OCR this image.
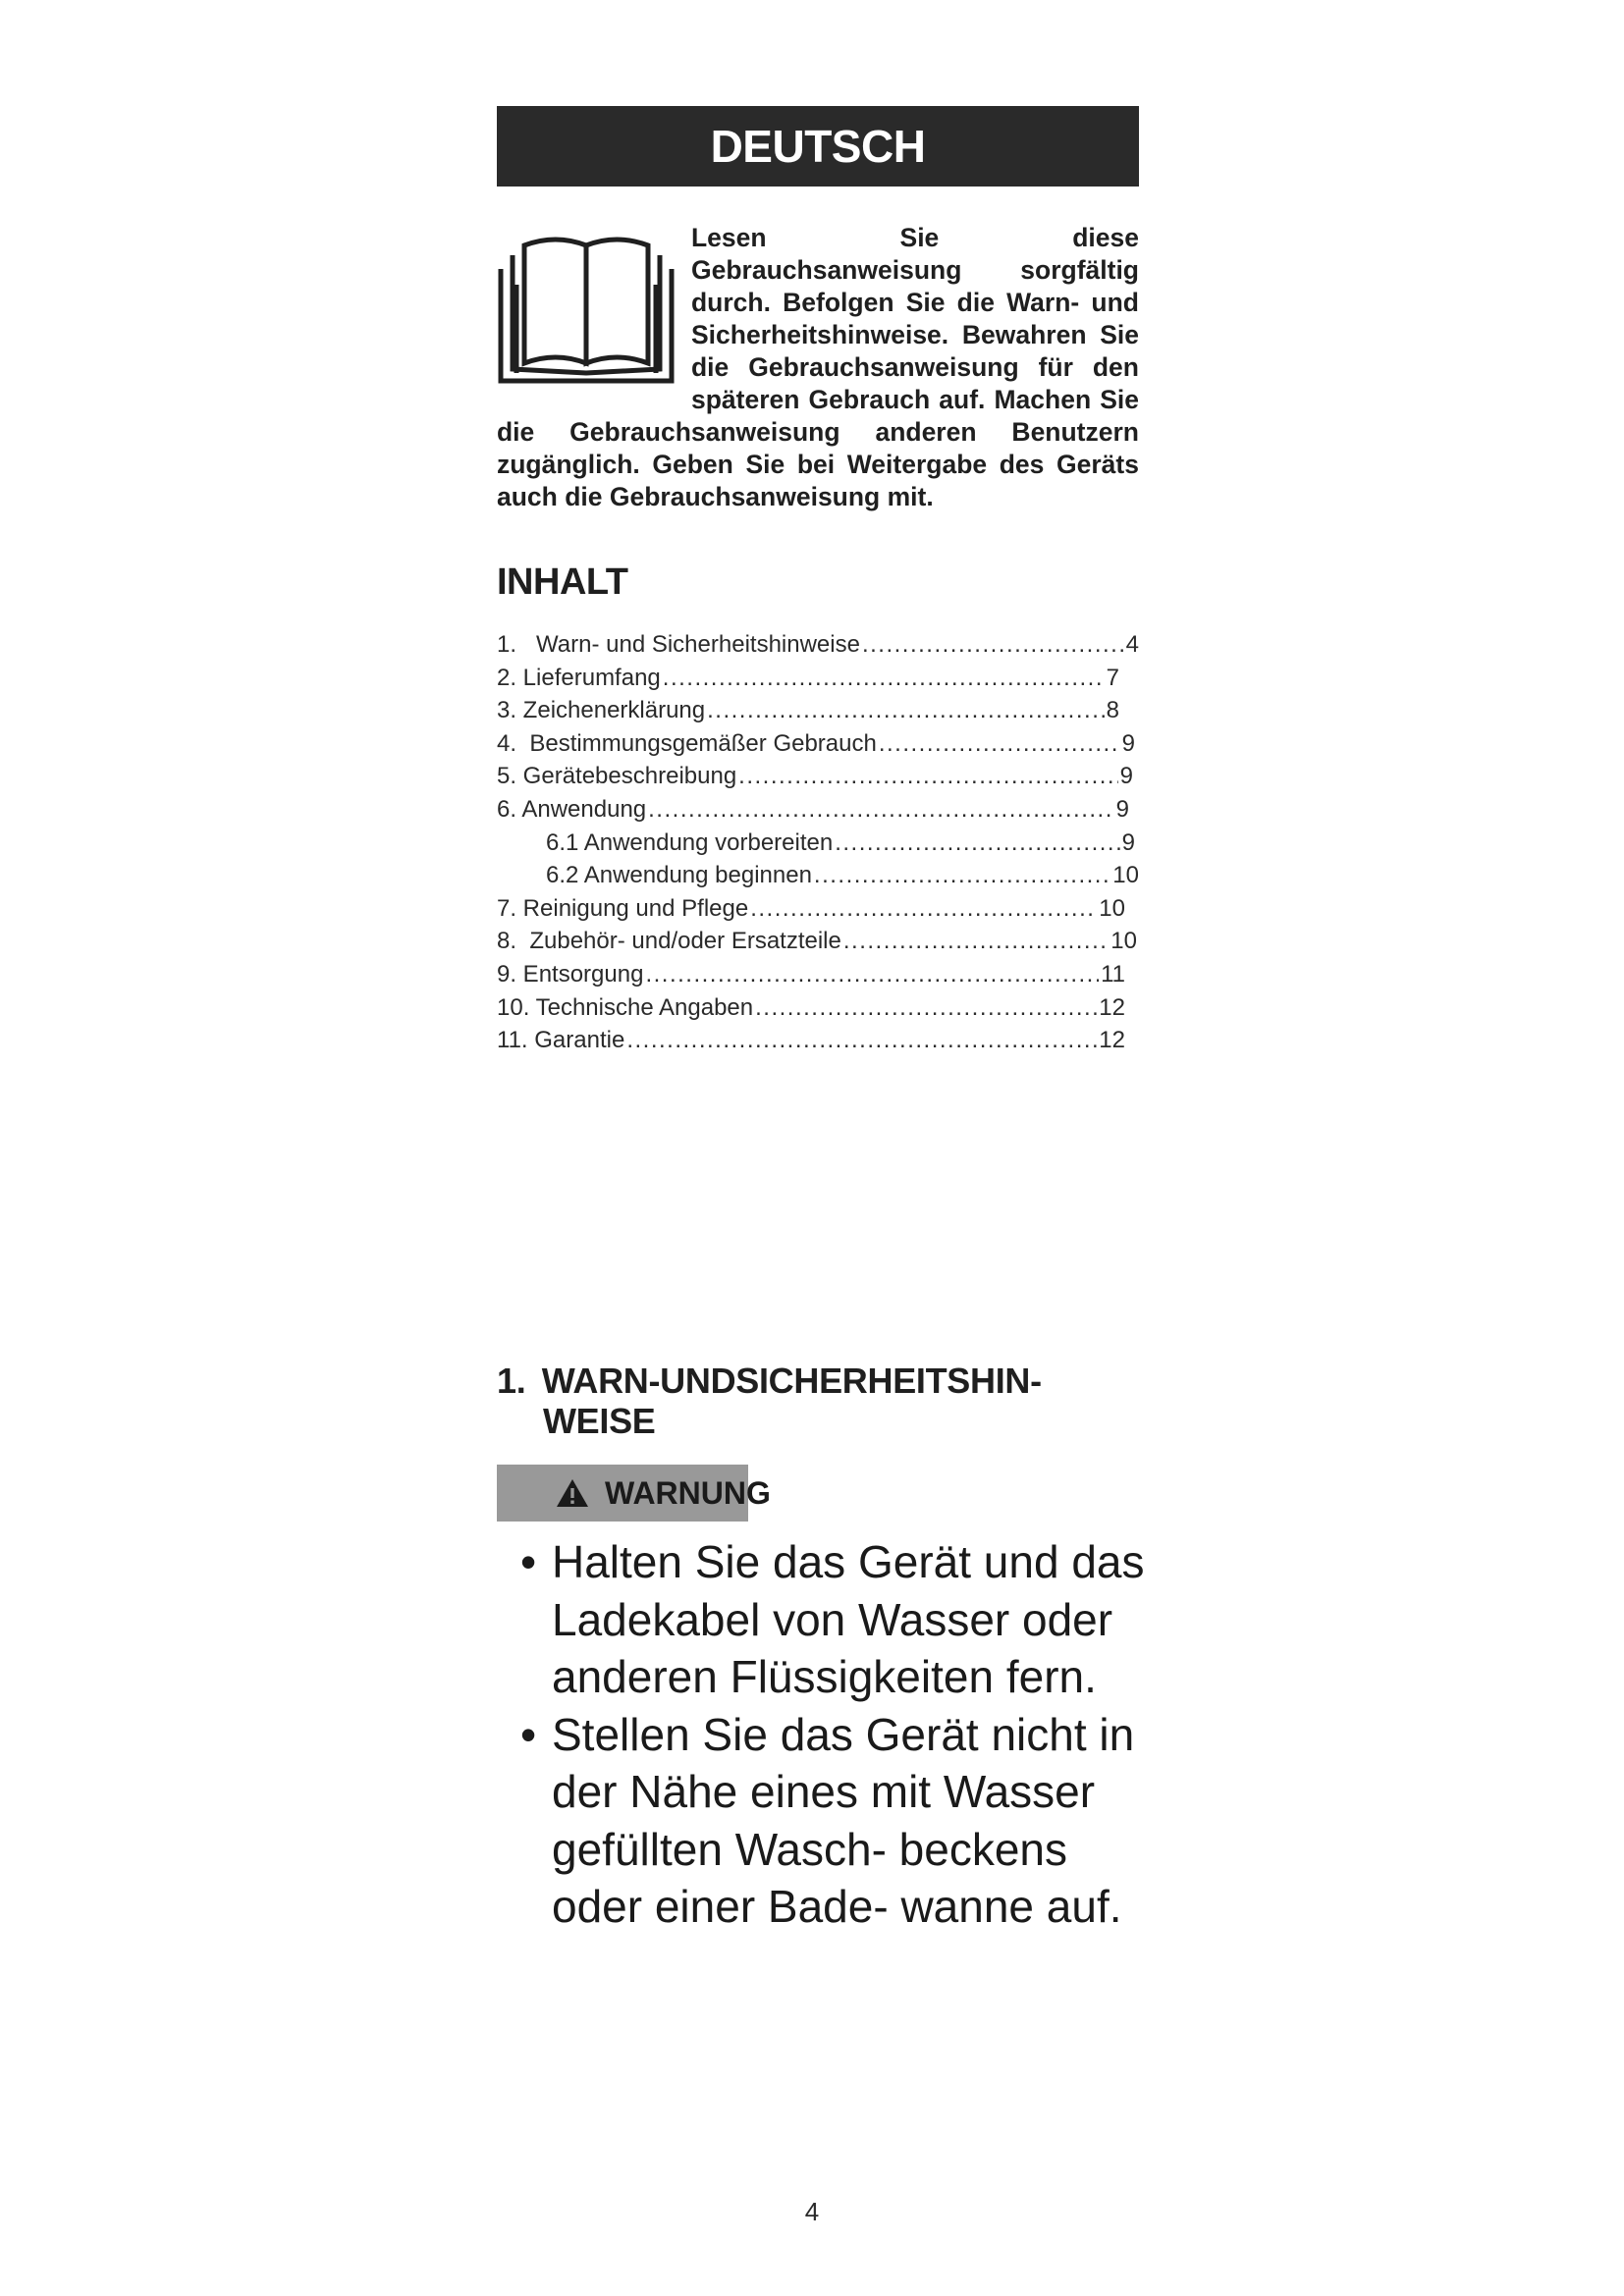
DEUTSCH
Lesen Sie diese Gebrauchsanweisung sorgfältig durch. Befolgen Sie die Warn- und Sicherheitshinweise. Bewahren Sie die Gebrauchsanweisung für den späteren Gebrauch auf. Machen Sie die Gebrauchsanweisung anderen Benutzern zugänglich. Geben Sie bei Weitergabe des Geräts auch die Gebrauchsanweisung mit.
INHALT
1.   Warn- und Sicherheitshinweise .....	4
2. Lieferumfang .....	7
3. Zeichenerklärung .....	8
4.  Bestimmungsgemäßer Gebrauch .....	9
5. Gerätebeschreibung .....	9
6. Anwendung .....	9
6.1 Anwendung vorbereiten .....	9
6.2 Anwendung beginnen .....	10
7. Reinigung und Pflege .....	10
8.  Zubehör- und/oder Ersatzteile .....	10
9. Entsorgung .....	11
10. Technische Angaben .....	12
11. Garantie .....	12
1. WARN-UNDSICHERHEITSHIN-
WEISE
WARNUNG
• Halten Sie das Gerät und das Ladekabel von Wasser oder anderen Flüssigkeiten fern.
• Stellen Sie das Gerät nicht in der Nähe eines mit Wasser gefüllten Wasch- beckens oder einer Bade- wanne auf.
4
